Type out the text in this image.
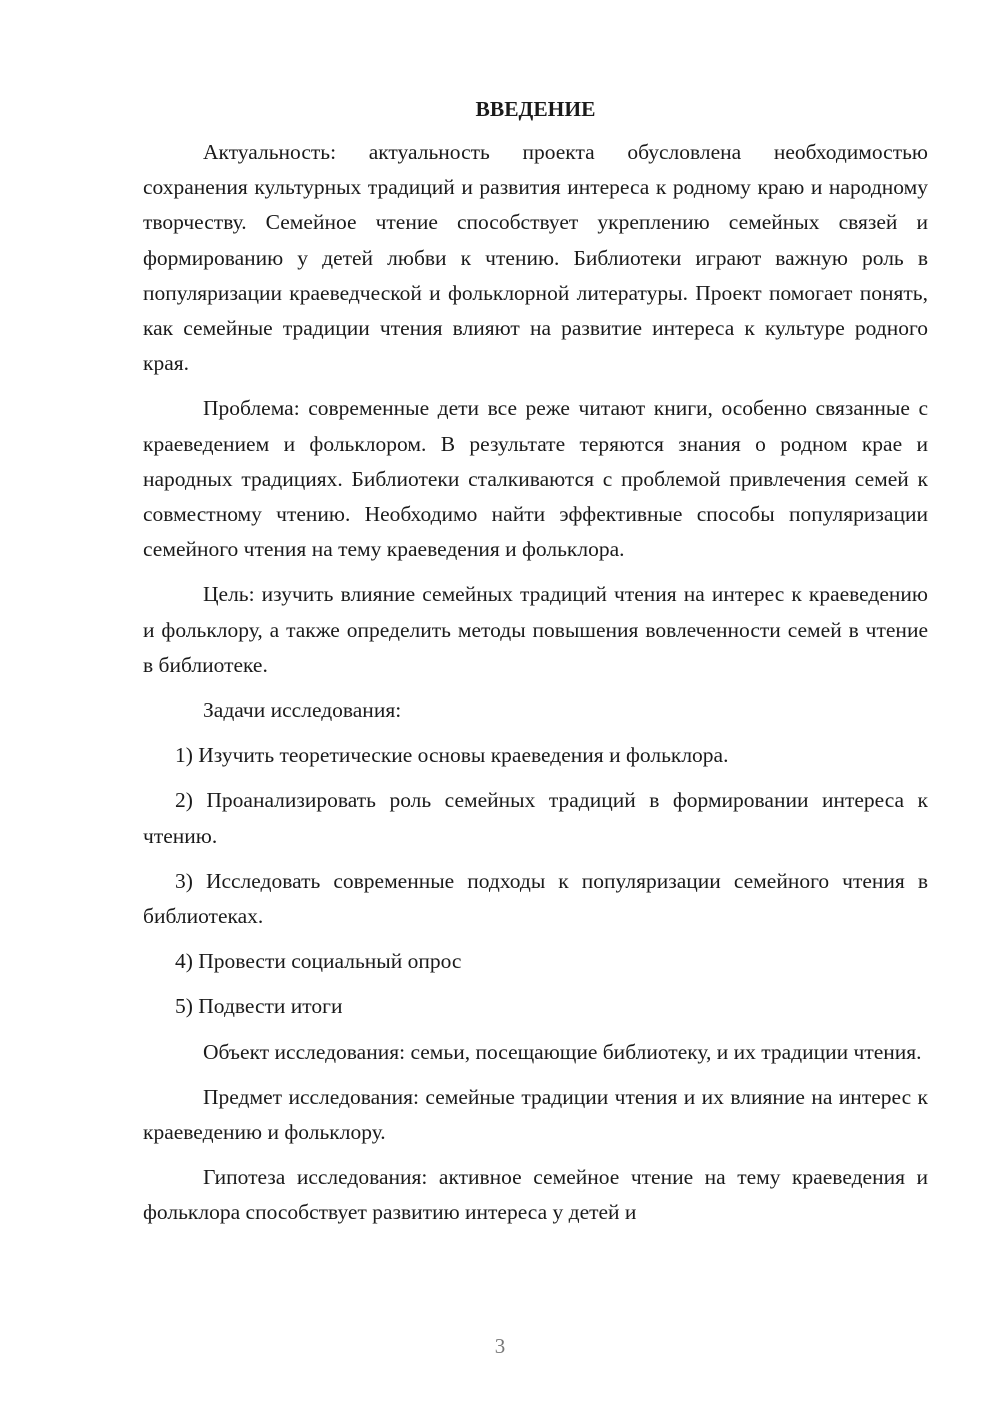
ВВЕДЕНИЕ

Актуальность: актуальность проекта обусловлена необходимостью сохранения культурных традиций и развития интереса к родному краю и народному творчеству. Семейное чтение способствует укреплению семейных связей и формированию у детей любви к чтению. Библиотеки играют важную роль в популяризации краеведческой и фольклорной литературы. Проект помогает понять, как семейные традиции чтения влияют на развитие интереса к культуре родного края.

Проблема: современные дети все реже читают книги, особенно связанные с краеведением и фольклором. В результате теряются знания о родном крае и народных традициях. Библиотеки сталкиваются с проблемой привлечения семей к совместному чтению. Необходимо найти эффективные способы популяризации семейного чтения на тему краеведения и фольклора.

Цель: изучить влияние семейных традиций чтения на интерес к краеведению и фольклору, а также определить методы повышения вовлеченности семей в чтение в библиотеке.

Задачи исследования:

1) Изучить теоретические основы краеведения и фольклора.

2) Проанализировать роль семейных традиций в формировании интереса к чтению.

3) Исследовать современные подходы к популяризации семейного чтения в библиотеках.

4) Провести социальный опрос

5) Подвести итоги

Объект исследования: семьи, посещающие библиотеку, и их традиции чтения.

Предмет исследования: семейные традиции чтения и их влияние на интерес к краеведению и фольклору.

Гипотеза исследования: активное семейное чтение на тему краеведения и фольклора способствует развитию интереса у детей и

3
